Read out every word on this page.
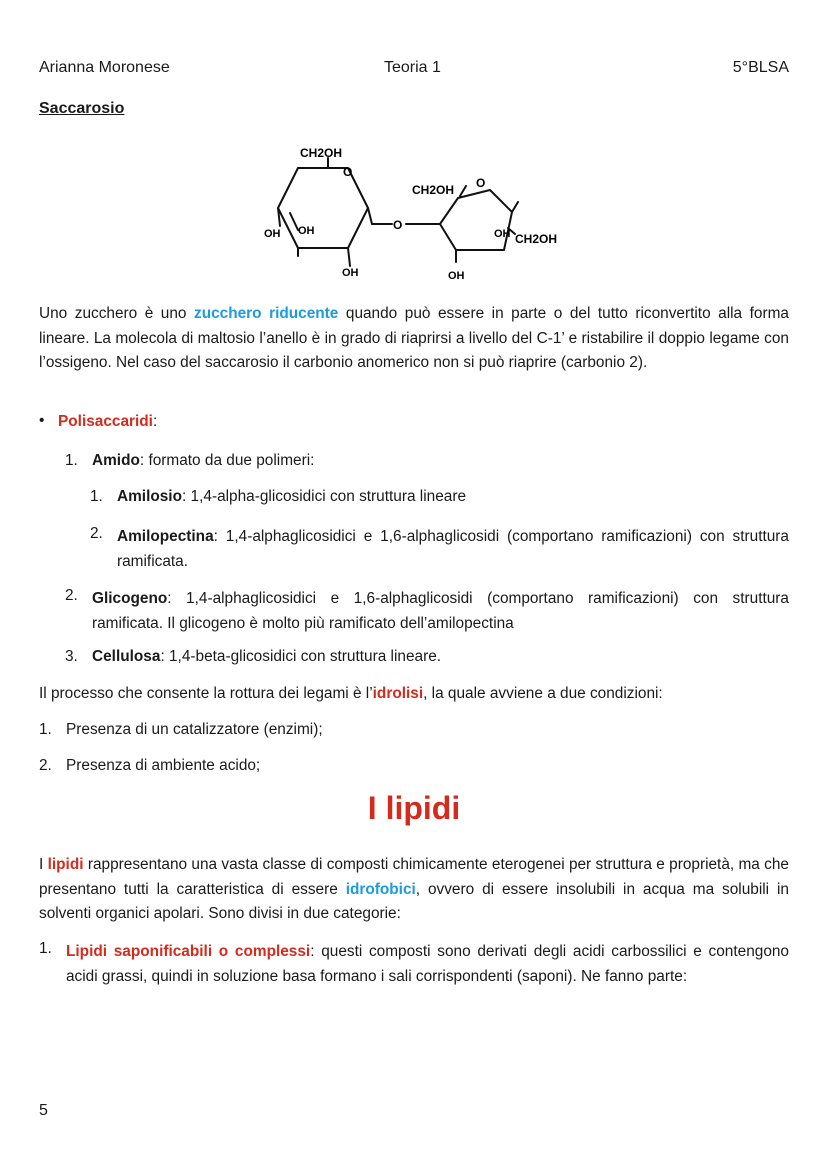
Arianna Moronese	Teoria 1	5°BLSA
Saccarosio
CH2OH
O
OH OH
OH
O
CH2OH O
OH CH2OH
OH

Uno zucchero è uno zucchero riducente quando può essere in parte o del tutto riconvertito alla forma lineare. La molecola di maltosio l’anello è in grado di riaprirsi a livello del C-1’ e ristabilire il doppio legame con l’ossigeno. Nel caso del saccarosio il carbonio anomerico non si può riaprire (carbonio 2).

• Polisaccaridi:
1. Amido: formato da due polimeri:
1. Amilosio: 1,4-alpha-glicosidici con struttura lineare
2. Amilopectina: 1,4-alphaglicosidici e 1,6-alphaglicosidi (comportano ramificazioni) con struttura ramificata.
2. Glicogeno: 1,4-alphaglicosidici e 1,6-alphaglicosidi (comportano ramificazioni) con struttura ramificata. Il glicogeno è molto più ramificato dell’amilopectina
3. Cellulosa: 1,4-beta-glicosidici con struttura lineare.
Il processo che consente la rottura dei legami è l’idrolisi, la quale avviene a due condizioni:
1. Presenza di un catalizzatore (enzimi);
2. Presenza di ambiente acido;
I lipidi

I lipidi rappresentano una vasta classe di composti chimicamente eterogenei per struttura e proprietà, ma che presentano tutti la caratteristica di essere idrofobici, ovvero di essere insolubili in acqua ma solubili in solventi organici apolari. Sono divisi in due categorie:

1. Lipidi saponificabili o complessi: questi composti sono derivati degli acidi carbossilici e contengono acidi grassi, quindi in soluzione basa formano i sali corrispondenti (saponi). Ne fanno parte:
5
